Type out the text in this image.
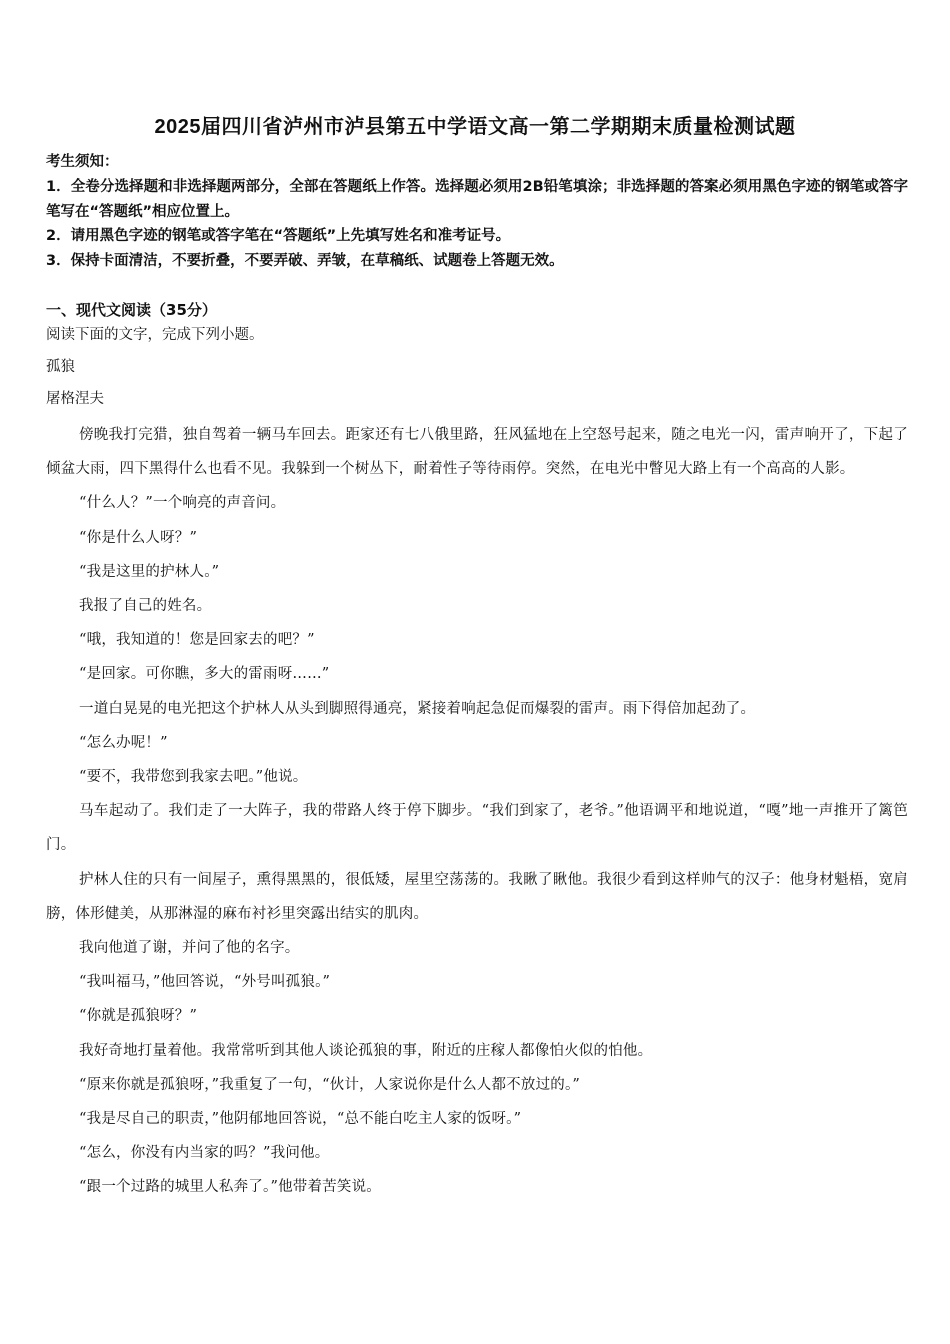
2025届四川省泸州市泸县第五中学语文高一第二学期期末质量检测试题

考生须知：

1．全卷分选择题和非选择题两部分，全部在答题纸上作答。选择题必须用2B铅笔填涂；非选择题的答案必须用黑色字迹的钢笔或答字笔写在“答题纸”相应位置上。

2．请用黑色字迹的钢笔或答字笔在“答题纸”上先填写姓名和准考证号。

3．保持卡面清洁，不要折叠，不要弄破、弄皱，在草稿纸、试题卷上答题无效。

一、现代文阅读（35分）

阅读下面的文字，完成下列小题。

孤狼

屠格涅夫

傍晚我打完猎，独自驾着一辆马车回去。距家还有七八俄里路，狂风猛地在上空怒号起来，随之电光一闪，雷声响开了，下起了倾盆大雨，四下黑得什么也看不见。我躲到一个树丛下，耐着性子等待雨停。突然，在电光中瞥见大路上有一个高高的人影。

“什么人？”一个响亮的声音问。

“你是什么人呀？”

“我是这里的护林人。”

我报了自己的姓名。

“哦，我知道的！您是回家去的吧？”

“是回家。可你瞧，多大的雷雨呀……”

一道白晃晃的电光把这个护林人从头到脚照得通亮，紧接着响起急促而爆裂的雷声。雨下得倍加起劲了。

“怎么办呢！”

“要不，我带您到我家去吧。”他说。

马车起动了。我们走了一大阵子，我的带路人终于停下脚步。“我们到家了，老爷。”他语调平和地说道，“嘎”地一声推开了篱笆门。

护林人住的只有一间屋子，熏得黑黑的，很低矮，屋里空荡荡的。我瞅了瞅他。我很少看到这样帅气的汉子：他身材魁梧，宽肩膀，体形健美，从那淋湿的麻布衬衫里突露出结实的肌肉。

我向他道了谢，并问了他的名字。

“我叫福马，”他回答说，“外号叫孤狼。”

“你就是孤狼呀？”

我好奇地打量着他。我常常听到其他人谈论孤狼的事，附近的庄稼人都像怕火似的怕他。

“原来你就是孤狼呀，”我重复了一句，“伙计，人家说你是什么人都不放过的。”

“我是尽自己的职责，”他阴郁地回答说，“总不能白吃主人家的饭呀。”

“怎么，你没有内当家的吗？”我问他。

“跟一个过路的城里人私奔了。”他带着苦笑说。
